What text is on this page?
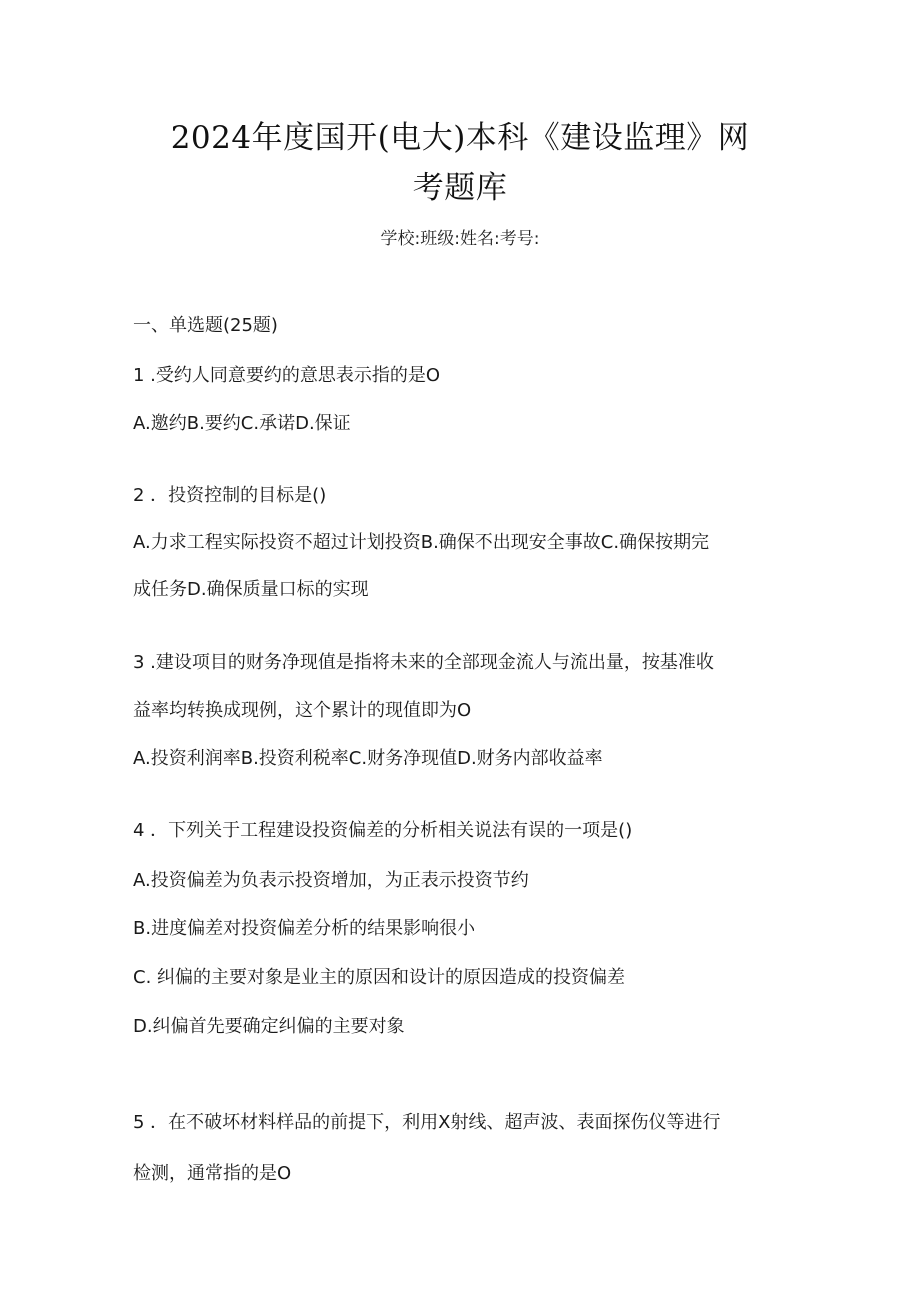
2024年度国开(电大)本科《建设监理》网
考题库
学校:班级:姓名:考号:
一、单选题(25题)
1 .受约人同意要约的意思表示指的是O
A.邀约B.要约C.承诺D.保证
2 ．投资控制的目标是()
A.力求工程实际投资不超过计划投资B.确保不出现安全事故C.确保按期完
成任务D.确保质量口标的实现
3 .建设项目的财务净现值是指将未来的全部现金流人与流出量，按基准收
益率均转换成现例，这个累计的现值即为O
A.投资利润率B.投资利税率C.财务净现值D.财务内部收益率
4 ．下列关于工程建设投资偏差的分析相关说法有误的一项是()
A.投资偏差为负表示投资增加，为正表示投资节约
B.进度偏差对投资偏差分析的结果影响很小
C. 纠偏的主要对象是业主的原因和设计的原因造成的投资偏差
D.纠偏首先要确定纠偏的主要对象
5 ．在不破坏材料样品的前提下，利用X射线、超声波、表面探伤仪等进行
检测，通常指的是O
